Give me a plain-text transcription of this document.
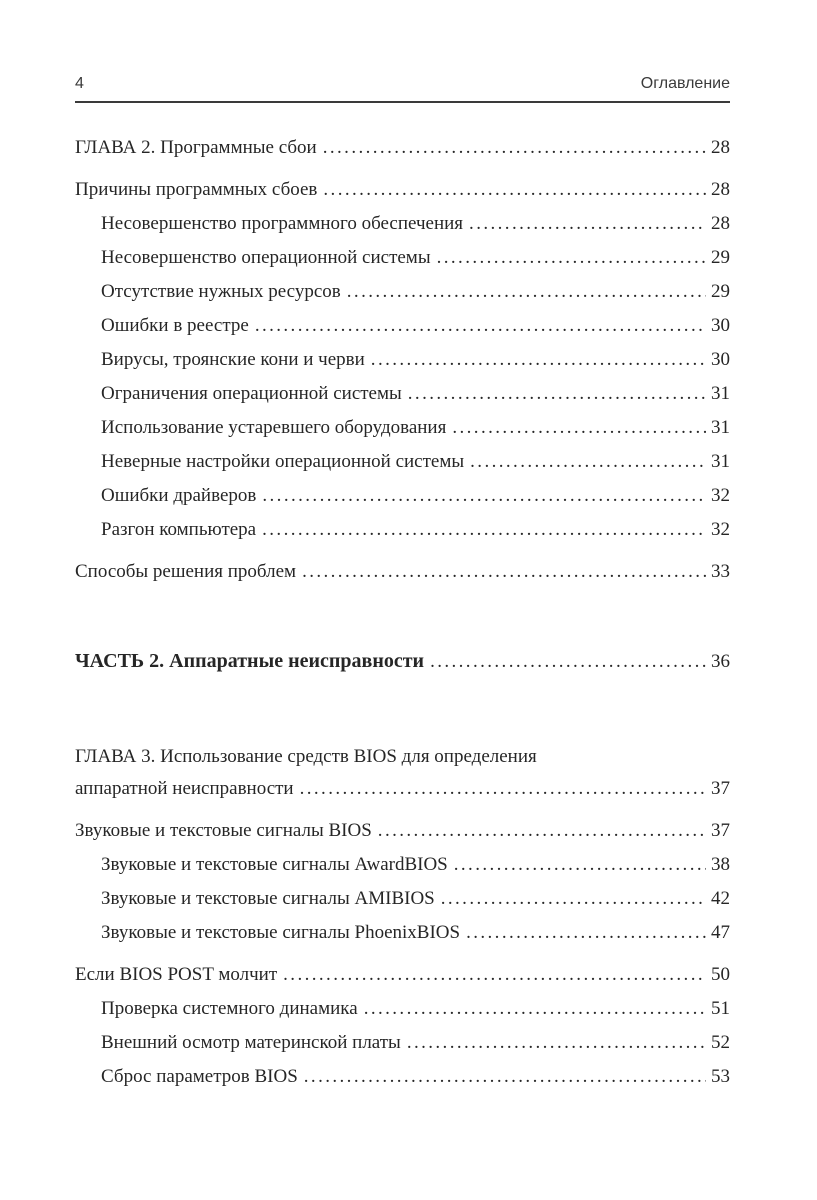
4	Оглавление
ГЛАВА 2. Программные сбои .....	28
Причины программных сбоев .....	28
Несовершенство программного обеспечения .....	28
Несовершенство операционной системы .....	29
Отсутствие нужных ресурсов .....	29
Ошибки в реестре .....	30
Вирусы, троянские кони и черви .....	30
Ограничения операционной системы .....	31
Использование устаревшего оборудования .....	31
Неверные настройки операционной системы .....	31
Ошибки драйверов .....	32
Разгон компьютера .....	32
Способы решения проблем .....	33
ЧАСТЬ 2. Аппаратные неисправности .....	36
ГЛАВА 3. Использование средств BIOS для определения
аппаратной неисправности .....	37
Звуковые и текстовые сигналы BIOS .....	37
Звуковые и текстовые сигналы AwardBIOS .....	38
Звуковые и текстовые сигналы AMIBIOS .....	42
Звуковые и текстовые сигналы PhoenixBIOS .....	47
Если BIOS POST молчит .....	50
Проверка системного динамика .....	51
Внешний осмотр материнской платы .....	52
Сброс параметров BIOS .....	53
